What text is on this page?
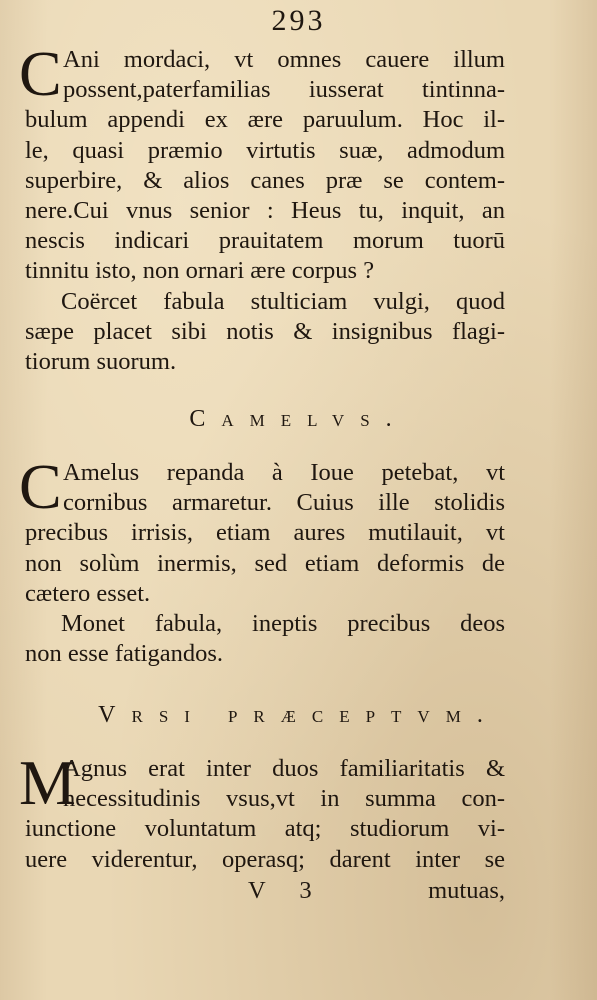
293
C Ani mordaci, vt omnes cauere illum
possent,paterfamilias iusserat tintinna-
bulum appendi ex ære paruulum. Hoc il-
le, quasi præmio virtutis suæ, admodum
superbire, & alios canes præ se contem-
nere.Cui vnus senior : Heus tu, inquit, an
nescis indicari prauitatem morum tuorū
tinnitu isto, non ornari ære corpus ?
Coërcet fabula stulticiam vulgi, quod
sæpe placet sibi notis & insignibus flagi-
tiorum suorum.
Camelvs.
C Amelus repanda à Ioue petebat, vt
cornibus armaretur. Cuius ille stolidis
precibus irrisis, etiam aures mutilauit, vt
non solùm inermis, sed etiam deformis de
cætero esset.
Monet fabula, ineptis precibus deos
non esse fatigandos.
Vrsi præceptvm.
M
Agnus erat inter duos familiaritatis &
necessitudinis vsus,vt in summa con-
iunctione voluntatum atq; studiorum vi-
uere viderentur, operasq; darent inter se
V 3	mutuas,
